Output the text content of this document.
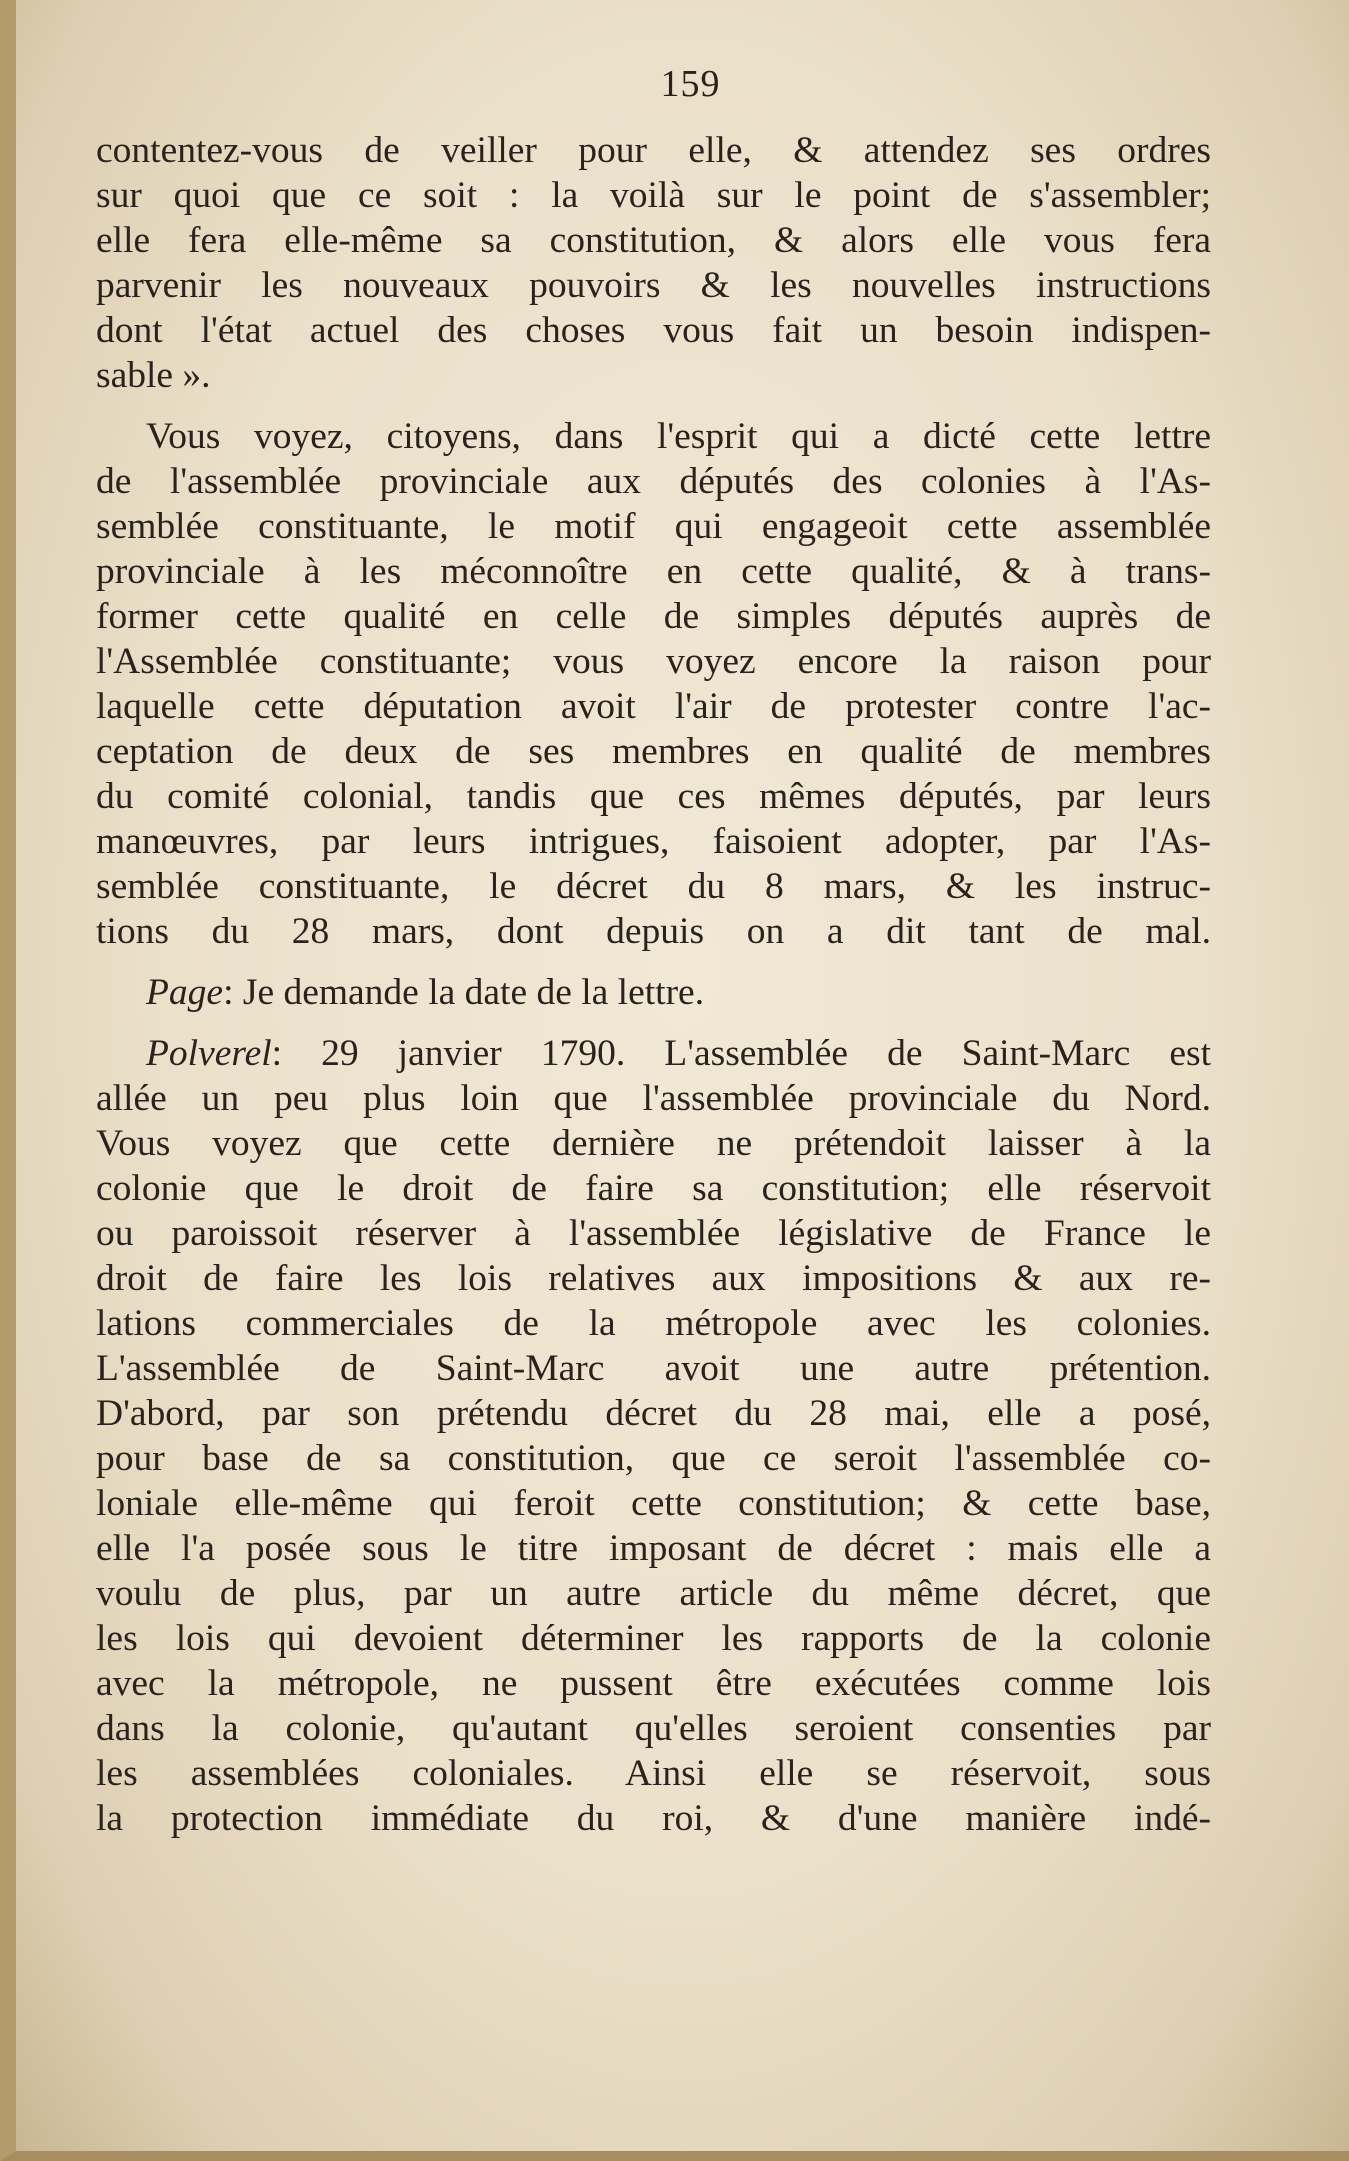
159
contentez-vous de veiller pour elle, & attendez ses ordres
sur quoi que ce soit : la voilà sur le point de s'assembler;
elle fera elle-même sa constitution, & alors elle vous fera
parvenir les nouveaux pouvoirs & les nouvelles instructions
dont l'état actuel des choses vous fait un besoin indispen-
sable ».
Vous voyez, citoyens, dans l'esprit qui a dicté cette lettre
de l'assemblée provinciale aux députés des colonies à l'As-
semblée constituante, le motif qui engageoit cette assemblée
provinciale à les méconnoître en cette qualité, & à trans-
former cette qualité en celle de simples députés auprès de
l'Assemblée constituante; vous voyez encore la raison pour
laquelle cette députation avoit l'air de protester contre l'ac-
ceptation de deux de ses membres en qualité de membres
du comité colonial, tandis que ces mêmes députés, par leurs
manœuvres, par leurs intrigues, faisoient adopter, par l'As-
semblée constituante, le décret du 8 mars, & les instruc-
tions du 28 mars, dont depuis on a dit tant de mal.
Page: Je demande la date de la lettre.
Polverel: 29 janvier 1790. L'assemblée de Saint-Marc est
allée un peu plus loin que l'assemblée provinciale du Nord.
Vous voyez que cette dernière ne prétendoit laisser à la
colonie que le droit de faire sa constitution; elle réservoit
ou paroissoit réserver à l'assemblée législative de France le
droit de faire les lois relatives aux impositions & aux re-
lations commerciales de la métropole avec les colonies.
L'assemblée de Saint-Marc avoit une autre prétention.
D'abord, par son prétendu décret du 28 mai, elle a posé,
pour base de sa constitution, que ce seroit l'assemblée co-
loniale elle-même qui feroit cette constitution; & cette base,
elle l'a posée sous le titre imposant de décret : mais elle a
voulu de plus, par un autre article du même décret, que
les lois qui devoient déterminer les rapports de la colonie
avec la métropole, ne pussent être exécutées comme lois
dans la colonie, qu'autant qu'elles seroient consenties par
les assemblées coloniales. Ainsi elle se réservoit, sous
la protection immédiate du roi, & d'une manière indé-
